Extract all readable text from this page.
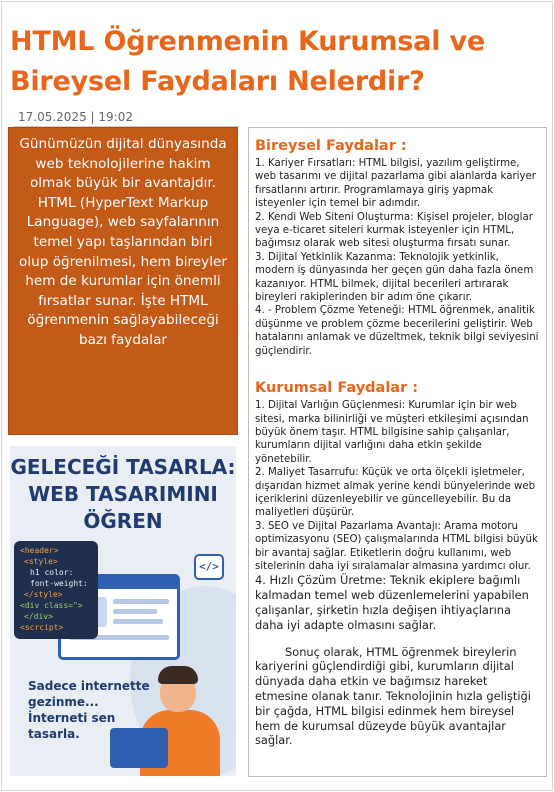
HTML Öğrenmenin Kurumsal ve Bireysel Faydaları Nelerdir?
17.05.2025 | 19:02

Günümüzün dijital dünyasında web teknolojilerine hakim olmak büyük bir avantajdır. HTML (HyperText Markup Language), web sayfalarının temel yapı taşlarından biri olup öğrenilmesi, hem bireyler hem de kurumlar için önemli fırsatlar sunar. İşte HTML öğrenmenin sağlayabileceği bazı faydalar

GELECEĞİ TASARLA:
WEB TASARIMINI
ÖĞREN
<header>
<style>
h1 color:
font-weight:
</style>
<div class=">
</div>
<scrcipt>
</>
Sadece internette
gezinme...
İnterneti sen tasarla.
Bireysel Faydalar :

1. Kariyer Fırsatları: HTML bilgisi, yazılım geliştirme, web tasarımı ve dijital pazarlama gibi alanlarda kariyer fırsatlarını artırır. Programlamaya giriş yapmak isteyenler için temel bir adımdır.

2. Kendi Web Siteni Oluşturma: Kişisel projeler, bloglar veya e-ticaret siteleri kurmak isteyenler için HTML, bağımsız olarak web sitesi oluşturma fırsatı sunar.

3. Dijital Yetkinlik Kazanma: Teknolojik yetkinlik, modern iş dünyasında her geçen gün daha fazla önem kazanıyor. HTML bilmek, dijital becerileri artırarak bireyleri rakiplerinden bir adım öne çıkarır.

4. - Problem Çözme Yeteneği: HTML öğrenmek, analitik düşünme ve problem çözme becerilerini geliştirir. Web hatalarını anlamak ve düzeltmek, teknik bilgi seviyesini güçlendirir.

Kurumsal Faydalar :

1. Dijital Varlığın Güçlenmesi: Kurumlar için bir web sitesi, marka bilinirliği ve müşteri etkileşimi açısından büyük önem taşır. HTML bilgisine sahip çalışanlar, kurumların dijital varlığını daha etkin şekilde yönetebilir.

2. Maliyet Tasarrufu: Küçük ve orta ölçekli işletmeler, dışarıdan hizmet almak yerine kendi bünyelerinde web içeriklerini düzenleyebilir ve güncelleyebilir. Bu da maliyetleri düşürür.

3. SEO ve Dijital Pazarlama Avantajı: Arama motoru optimizasyonu (SEO) çalışmalarında HTML bilgisi büyük bir avantaj sağlar. Etiketlerin doğru kullanımı, web sitelerinin daha iyi sıralamalar almasına yardımcı olur.

4. Hızlı Çözüm Üretme: Teknik ekiplere bağımlı kalmadan temel web düzenlemelerini yapabilen çalışanlar, şirketin hızla değişen ihtiyaçlarına daha iyi adapte olmasını sağlar.

Sonuç olarak, HTML öğrenmek bireylerin kariyerini güçlendirdiği gibi, kurumların dijital dünyada daha etkin ve bağımsız hareket etmesine olanak tanır. Teknolojinin hızla geliştiği bir çağda, HTML bilgisi edinmek hem bireysel hem de kurumsal düzeyde büyük avantajlar sağlar.
